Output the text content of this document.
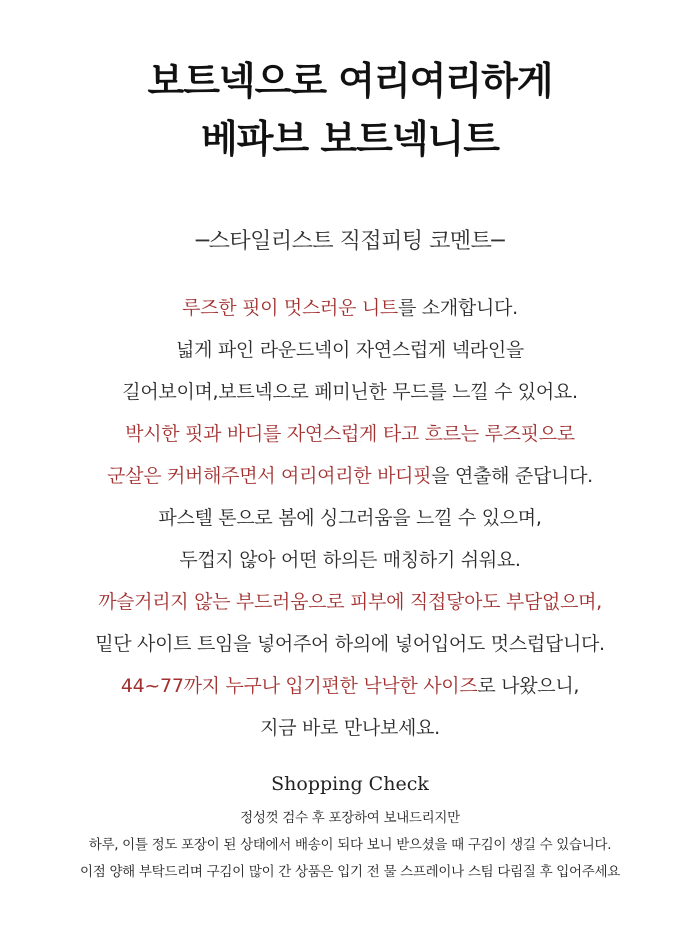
보트넥으로 여리여리하게
베파브 보트넥니트
─스타일리스트 직접피팅 코멘트─
루즈한 핏이 멋스러운 니트를 소개합니다.
넓게 파인 라운드넥이 자연스럽게 넥라인을
길어보이며,보트넥으로 페미닌한 무드를 느낄 수 있어요.
박시한 핏과 바디를 자연스럽게 타고 흐르는 루즈핏으로
군살은 커버해주면서 여리여리한 바디핏을 연출해 준답니다.
파스텔 톤으로 봄에 싱그러움을 느낄 수 있으며,
두껍지 않아 어떤 하의든 매칭하기 쉬워요.
까슬거리지 않는 부드러움으로 피부에 직접닿아도 부담없으며,
밑단 사이트 트임을 넣어주어 하의에 넣어입어도 멋스럽답니다.
44~77까지 누구나 입기편한 낙낙한 사이즈로 나왔으니,
지금 바로 만나보세요.
Shopping Check
정성껏 검수 후 포장하여 보내드리지만
하루, 이틀 정도 포장이 된 상태에서 배송이 되다 보니 받으셨을 때 구김이 생길 수 있습니다.
이점 양해 부탁드리며 구김이 많이 간 상품은 입기 전 물 스프레이나 스팀 다림질 후 입어주세요
